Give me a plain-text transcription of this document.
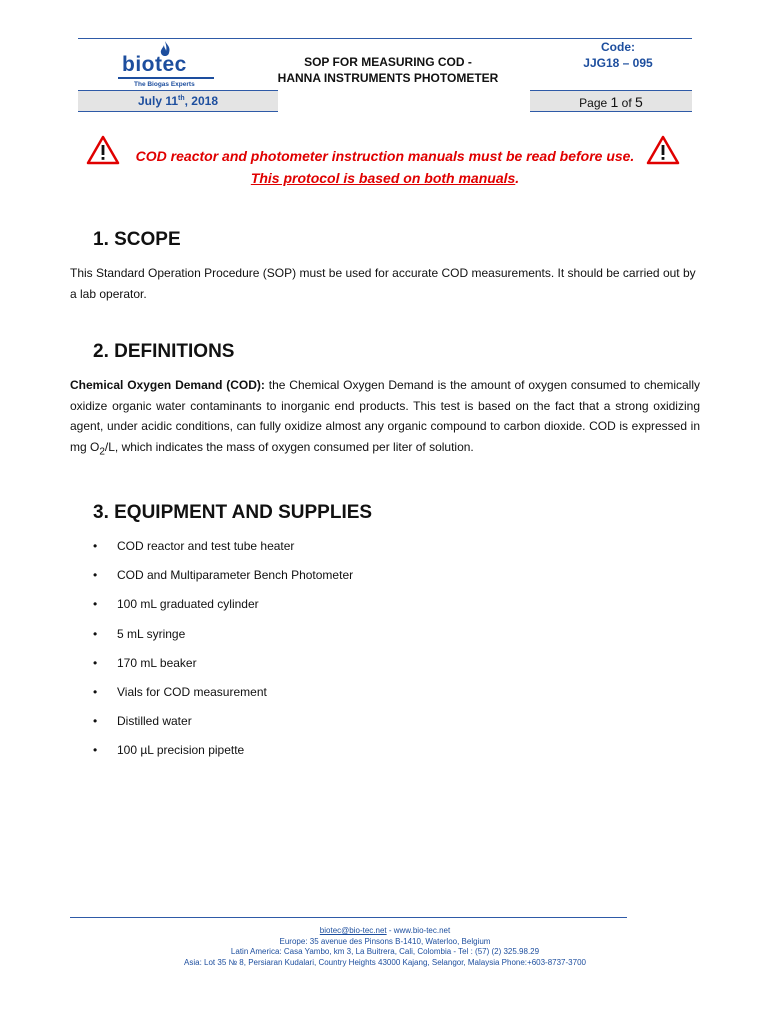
biotec
The Biogas Experts
SOP FOR MEASURING COD -
HANNA INSTRUMENTS PHOTOMETER
Code:
JJG18 – 095
July 11th, 2018	Page 1 of 5
COD reactor and photometer instruction manuals must be read before use.
This protocol is based on both manuals.
1. SCOPE
This Standard Operation Procedure (SOP) must be used for accurate COD measurements. It should be carried out by a lab operator.
2. DEFINITIONS
Chemical Oxygen Demand (COD): the Chemical Oxygen Demand is the amount of oxygen consumed to chemically oxidize organic water contaminants to inorganic end products. This test is based on the fact that a strong oxidizing agent, under acidic conditions, can fully oxidize almost any organic compound to carbon dioxide. COD is expressed in mg $O_2/L$, which indicates the mass of oxygen consumed per liter of solution.
3. EQUIPMENT AND SUPPLIES
• COD reactor and test tube heater
• COD and Multiparameter Bench Photometer
• 100 mL graduated cylinder
• 5 mL syringe
• 170 mL beaker
• Vials for COD measurement
• Distilled water
• 100 µL precision pipette
biotec@bio-tec.net - www.bio-tec.net
Europe: 35 avenue des Pinsons B-1410, Waterloo, Belgium
Latin America: Casa Yambo, km 3, La Buitrera, Cali, Colombia - Tel : (57) (2) 325.98.29
Asia: Lot 35 № 8, Persiaran Kudalari, Country Heights 43000 Kajang, Selangor, Malaysia Phone:+603-8737-3700
